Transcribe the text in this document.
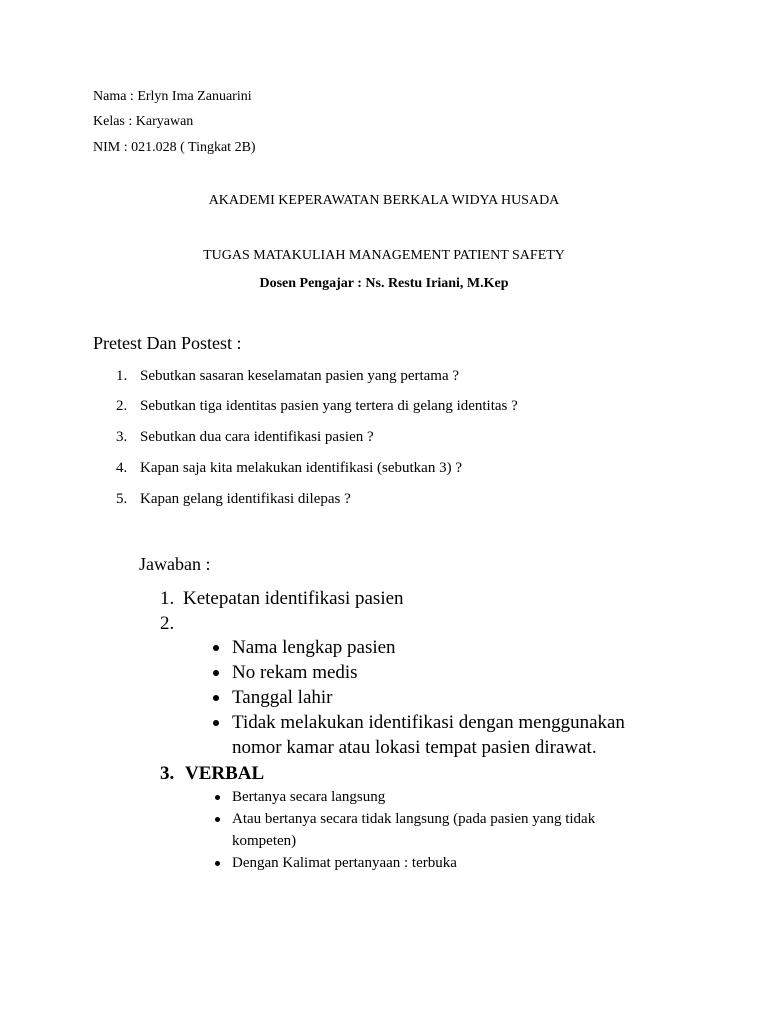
Nama : Erlyn Ima Zanuarini
Kelas : Karyawan
NIM : 021.028 ( Tingkat 2B)
AKADEMI KEPERAWATAN BERKALA WIDYA HUSADA
TUGAS MATAKULIAH MANAGEMENT PATIENT SAFETY
Dosen Pengajar : Ns. Restu Iriani, M.Kep
Pretest Dan Postest :
1. Sebutkan sasaran keselamatan pasien yang pertama ?
2. Sebutkan tiga identitas pasien yang tertera di gelang identitas ?
3. Sebutkan dua cara identifikasi pasien ?
4. Kapan saja kita melakukan identifikasi (sebutkan 3) ?
5. Kapan gelang identifikasi dilepas ?
Jawaban :
1. Ketepatan identifikasi pasien
2.
Nama lengkap pasien
No rekam medis
Tanggal lahir
Tidak melakukan identifikasi dengan menggunakan
nomor kamar atau lokasi tempat pasien dirawat.
3. VERBAL
Bertanya secara langsung
Atau bertanya secara tidak langsung (pada pasien yang tidak
kompeten)
Dengan Kalimat pertanyaan : terbuka
